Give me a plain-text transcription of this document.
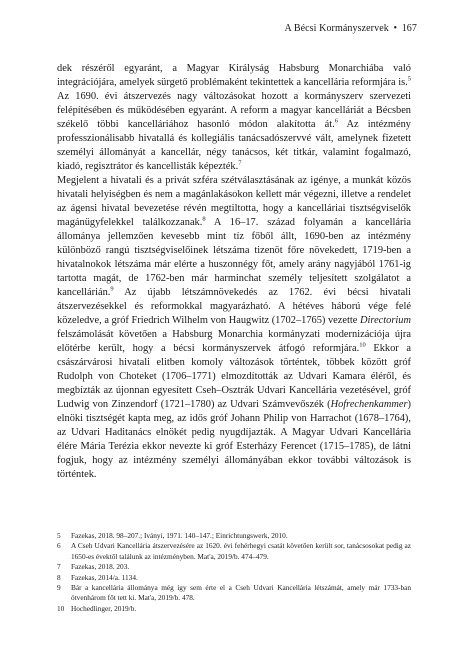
A Bécsi Kormányszervek • 167

dek részéről egyaránt, a Magyar Királyság Habsburg Monarchiába való integrációjára, amelyek sürgető problémaként tekintettek a kancellária reformjára is.$^5$ Az 1690. évi átszervezés nagy változásokat hozott a kormányszerv szervezeti felépítésében és működésében egyaránt. A reform a magyar kancelláriát a Bécsben székelő többi kancelláriához hasonló módon alakította át.$^6$ Az intézmény professzionálisabb hivatallá és kollegiális tanácsadószervvé vált, amelynek fizetett személyi állományát a kancellár, négy tanácsos, két titkár, valamint fogalmazó, kiadó, regisztrátor és kancellisták képezték.$^7$

Megjelent a hivatali és a privát szféra szétválasztásának az igénye, a munkát közös hivatali helyiségben és nem a magánlakásokon kellett már végezni, illetve a rendelet az ágensi hivatal bevezetése révén megtiltotta, hogy a kancelláriai tisztségviselők magánügyfelekkel találkozzanak.$^8$ A 16–17. század folyamán a kancellária állománya jellemzően kevesebb mint tíz főből állt, 1690-ben az intézmény különböző rangú tisztségviselőinek létszáma tizenöt főre növekedett, 1719-ben a hivatalnokok létszáma már elérte a huszonnégy főt, amely arány nagyjából 1761-ig tartotta magát, de 1762-ben már harminchat személy teljesített szolgálatot a kancellárián.$^9$ Az újabb létszámnövekedés az 1762. évi bécsi hivatali átszervezésekkel és reformokkal magyarázható. A hétéves háború vége felé közeledve, a gróf Friedrich Wilhelm von Haugwitz (1702–1765) vezette Directorium felszámolását követően a Habsburg Monarchia kormányzati modernizációja újra előtérbe került, hogy a bécsi kormányszervek átfogó reformjára.$^{10}$ Ekkor a császárvárosi hivatali elitben komoly változások történtek, többek között gróf Rudolph von Choteket (1706–1771) elmozdították az Udvari Kamara éléről, és megbízták az újonnan egyesített Cseh–Osztrák Udvari Kancellária vezetésével, gróf Ludwig von Zinzendorf (1721–1780) az Udvari Számvevőszék (Hofrechenkammer) elnöki tisztségét kapta meg, az idős gróf Johann Philip von Harrachot (1678–1764), az Udvari Haditanács elnökét pedig nyugdíjazták. A Magyar Udvari Kancellária élére Mária Terézia ekkor nevezte ki gróf Esterházy Ferencet (1715–1785), de látni fogjuk, hogy az intézmény személyi állományában ekkor további változások is történtek.

5	Fazekas, 2018. 98–207.; Iványi, 1971. 140–147.; Einrichtungswerk, 2010.
6	A Cseh Udvari Kancellária átszervezésére az 1620. évi fehérhegyi csatát követően került sor, tanácsosokat pedig az 1650-es évektől találunk az intézményben. Mat'a, 2019/b. 474–479.
7	Fazekas, 2018. 203.
8	Fazekas, 2014/a. 1134.
9	Bár a kancellária állománya még így sem érte el a Cseh Udvari Kancellária létszámát, amely már 1733-ban ötvenhárom főt tett ki. Mat'a, 2019/b. 478.
10 Hochedlinger, 2019/b.
